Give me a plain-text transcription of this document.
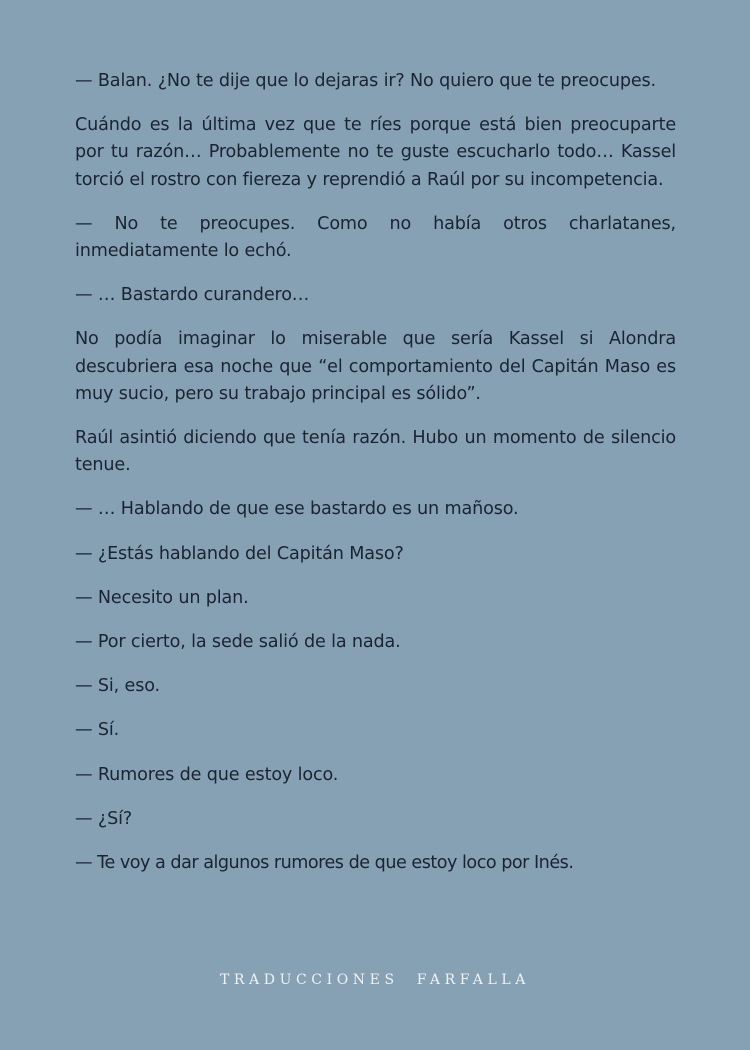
— Balan. ¿No te dije que lo dejaras ir? No quiero que te preocupes.

Cuándo es la última vez que te ríes porque está bien preocuparte por tu razón… Probablemente no te guste escucharlo todo… Kassel torció el rostro con fiereza y reprendió a Raúl por su incompetencia.

— No te preocupes. Como no había otros charlatanes, inmediatamente lo echó.

— … Bastardo curandero…

No podía imaginar lo miserable que sería Kassel si Alondra descubriera esa noche que “el comportamiento del Capitán Maso es muy sucio, pero su trabajo principal es sólido”.

Raúl asintió diciendo que tenía razón. Hubo un momento de silencio tenue.

— … Hablando de que ese bastardo es un mañoso.

— ¿Estás hablando del Capitán Maso?

— Necesito un plan.

— Por cierto, la sede salió de la nada.

— Si, eso.

— Sí.

— Rumores de que estoy loco.

— ¿Sí?

— Te voy a dar algunos rumores de que estoy loco por Inés.

TRADUCCIONES  FARFALLA
